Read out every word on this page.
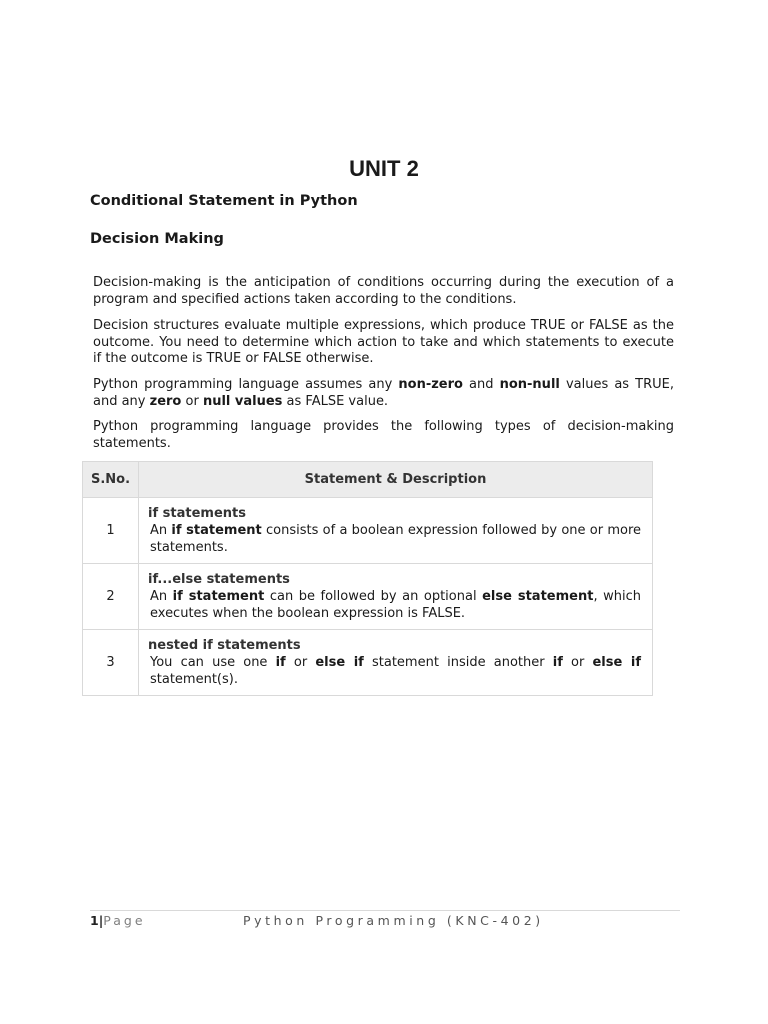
UNIT 2
Conditional Statement in Python
Decision Making

Decision-making is the anticipation of conditions occurring during the execution of a program and specified actions taken according to the conditions.

Decision structures evaluate multiple expressions, which produce TRUE or FALSE as the outcome. You need to determine which action to take and which statements to execute if the outcome is TRUE or FALSE otherwise.

Python programming language assumes any non-zero and non-null values as TRUE, and any zero or null values as FALSE value.

Python programming language provides the following types of decision-making statements.

S.No.	Statement & Description
1	if statements
An if statement consists of a boolean expression followed by one or more statements.

2	if...else statements
An if statement can be followed by an optional else statement, which executes when the boolean expression is FALSE.

3	nested if statements
You can use one if or else if statement inside another if or else if statement(s).

1|Page	Python Programming (KNC-402)
